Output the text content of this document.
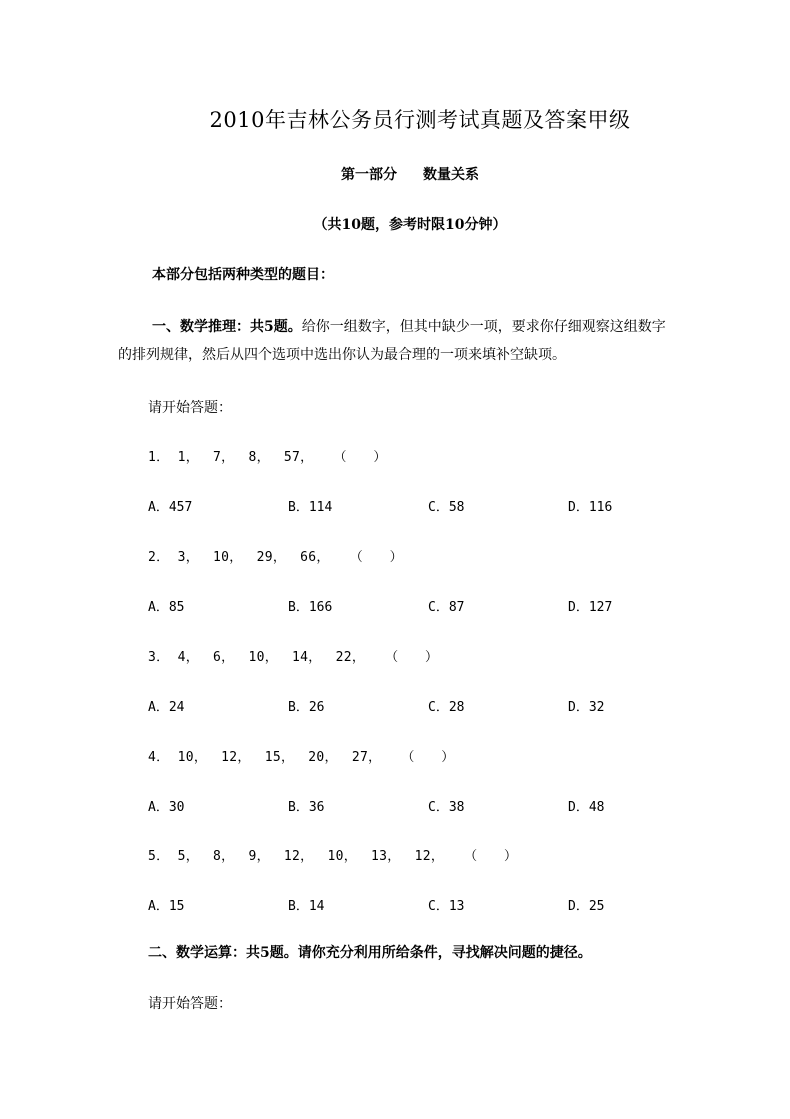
2010年吉林公务员行测考试真题及答案甲级
第一部分 数量关系
（共10题，参考时限10分钟）
本部分包括两种类型的题目：
一、数学推理：共5题。给你一组数字，但其中缺少一项，要求你仔细观察这组数字的排列规律，然后从四个选项中选出你认为最合理的一项来填补空缺项。
请开始答题：
1． 1， 7， 8， 57， （　　）
A．457	B．114	C．58	D．116
2． 3， 10， 29， 66， （　　）
A．85	B．166	C．87	D．127
3． 4， 6， 10， 14， 22， （　　）
A．24	B．26	C．28	D．32
4． 10， 12， 15， 20， 27， （　　）
A．30	B．36	C．38	D．48
5． 5， 8， 9， 12， 10， 13， 12， （　　）
A．15	B．14	C．13	D．25
二、数学运算：共5题。请你充分利用所给条件，寻找解决问题的捷径。
请开始答题：
